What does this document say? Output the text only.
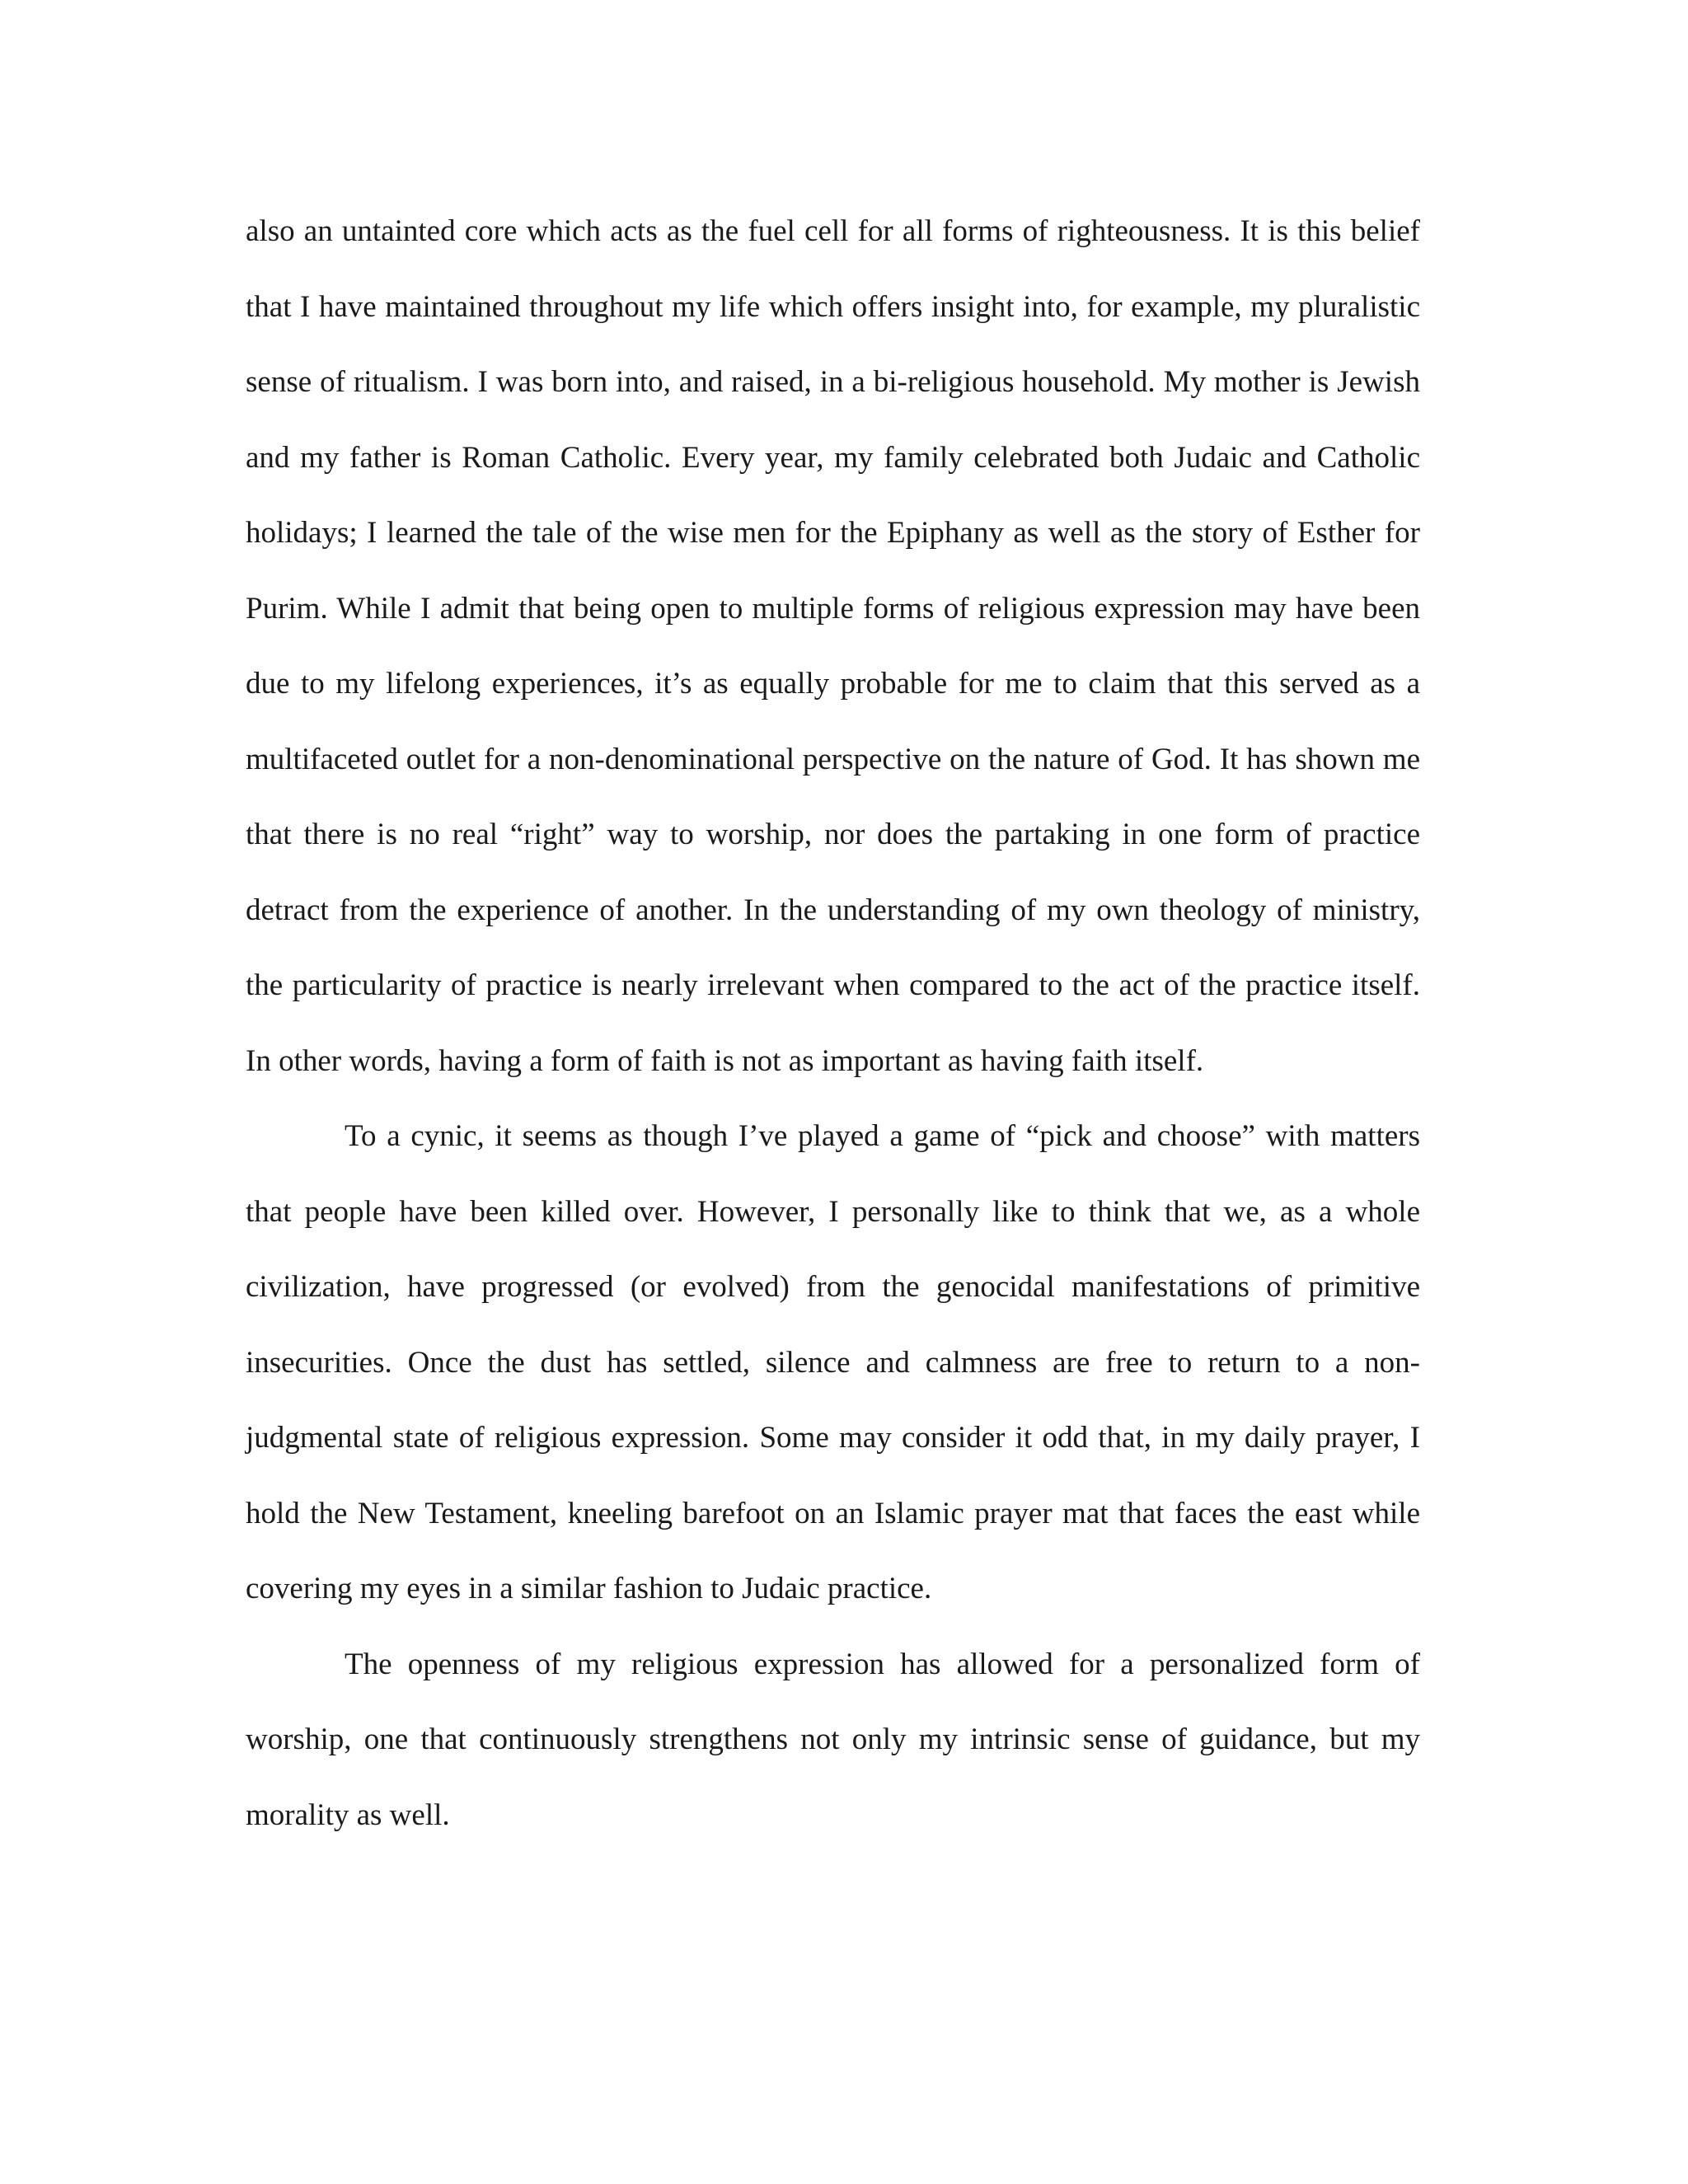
also an untainted core which acts as the fuel cell for all forms of righteousness. It is this belief that I have maintained throughout my life which offers insight into, for example, my pluralistic sense of ritualism. I was born into, and raised, in a bi-religious household. My mother is Jewish and my father is Roman Catholic. Every year, my family celebrated both Judaic and Catholic holidays; I learned the tale of the wise men for the Epiphany as well as the story of Esther for Purim. While I admit that being open to multiple forms of religious expression may have been due to my lifelong experiences, it’s as equally probable for me to claim that this served as a multifaceted outlet for a non-denominational perspective on the nature of God. It has shown me that there is no real “right” way to worship, nor does the partaking in one form of practice detract from the experience of another. In the understanding of my own theology of ministry, the particularity of practice is nearly irrelevant when compared to the act of the practice itself. In other words, having a form of faith is not as important as having faith itself.

To a cynic, it seems as though I’ve played a game of “pick and choose” with matters that people have been killed over. However, I personally like to think that we, as a whole civilization, have progressed (or evolved) from the genocidal manifestations of primitive insecurities. Once the dust has settled, silence and calmness are free to return to a non-judgmental state of religious expression. Some may consider it odd that, in my daily prayer, I hold the New Testament, kneeling barefoot on an Islamic prayer mat that faces the east while covering my eyes in a similar fashion to Judaic practice.

The openness of my religious expression has allowed for a personalized form of worship, one that continuously strengthens not only my intrinsic sense of guidance, but my morality as well.
